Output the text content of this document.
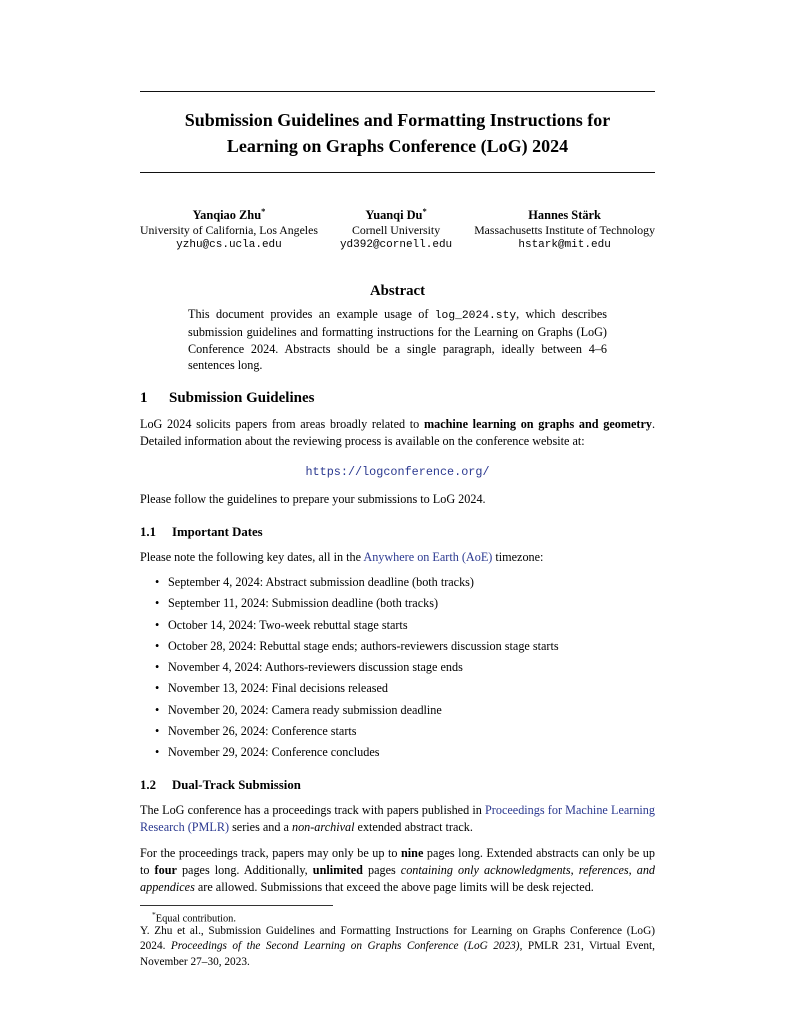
Submission Guidelines and Formatting Instructions for
Learning on Graphs Conference (LoG) 2024
Yanqiao Zhu*
University of California, Los Angeles
yzhu@cs.ucla.edu
Yuanqi Du*
Cornell University
yd392@cornell.edu
Hannes Stärk
Massachusetts Institute of Technology
hstark@mit.edu
Abstract
This document provides an example usage of log_2024.sty, which describes submission guidelines and formatting instructions for the Learning on Graphs (LoG) Conference 2024. Abstracts should be a single paragraph, ideally between 4–6 sentences long.
1 Submission Guidelines

LoG 2024 solicits papers from areas broadly related to machine learning on graphs and geometry. Detailed information about the reviewing process is available on the conference website at:

https://logconference.org/

Please follow the guidelines to prepare your submissions to LoG 2024.

1.1 Important Dates

Please note the following key dates, all in the Anywhere on Earth (AoE) timezone:

• September 4, 2024: Abstract submission deadline (both tracks)
• September 11, 2024: Submission deadline (both tracks)
• October 14, 2024: Two-week rebuttal stage starts
• October 28, 2024: Rebuttal stage ends; authors-reviewers discussion stage starts
• November 4, 2024: Authors-reviewers discussion stage ends
• November 13, 2024: Final decisions released
• November 20, 2024: Camera ready submission deadline
• November 26, 2024: Conference starts
• November 29, 2024: Conference concludes
1.2 Dual-Track Submission

The LoG conference has a proceedings track with papers published in Proceedings for Machine Learning Research (PMLR) series and a non-archival extended abstract track.

For the proceedings track, papers may only be up to nine pages long. Extended abstracts can only be up to four pages long. Additionally, unlimited pages containing only acknowledgments, references, and appendices are allowed. Submissions that exceed the above page limits will be desk rejected.

*Equal contribution.
Y. Zhu et al., Submission Guidelines and Formatting Instructions for Learning on Graphs Conference (LoG) 2024. Proceedings of the Second Learning on Graphs Conference (LoG 2023), PMLR 231, Virtual Event, November 27–30, 2023.
